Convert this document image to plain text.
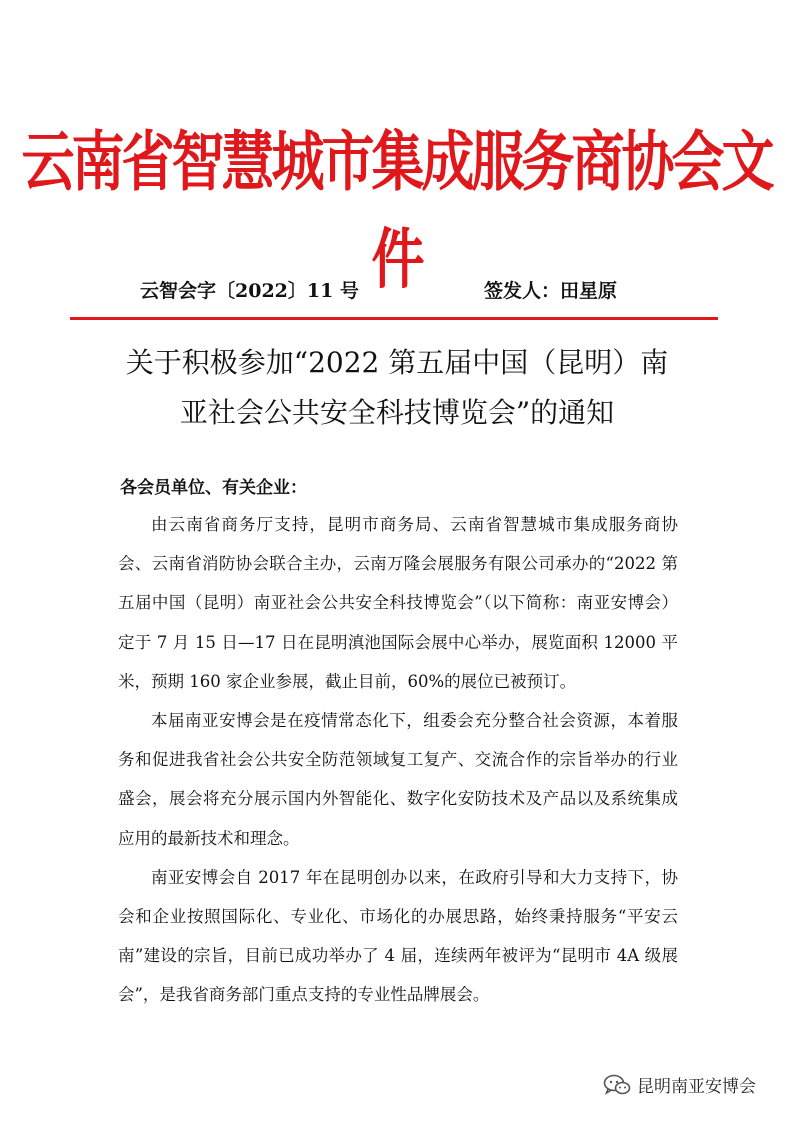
云南省智慧城市集成服务商协会文件
云智会字〔2022〕11 号	签发人：田星原
关于积极参加“2022 第五届中国（昆明）南
亚社会公共安全科技博览会”的通知
各会员单位、有关企业：

由云南省商务厅支持，昆明市商务局、云南省智慧城市集成服务商协会、云南省消防协会联合主办，云南万隆会展服务有限公司承办的“2022 第五届中国（昆明）南亚社会公共安全科技博览会”（以下简称：南亚安博会）定于 7 月 15 日—17 日在昆明滇池国际会展中心举办，展览面积 12000 平米，预期 160 家企业参展，截止目前，60%的展位已被预订。

本届南亚安博会是在疫情常态化下，组委会充分整合社会资源，本着服务和促进我省社会公共安全防范领域复工复产、交流合作的宗旨举办的行业盛会，展会将充分展示国内外智能化、数字化安防技术及产品以及系统集成应用的最新技术和理念。

南亚安博会自 2017 年在昆明创办以来，在政府引导和大力支持下，协会和企业按照国际化、专业化、市场化的办展思路，始终秉持服务“平安云南”建设的宗旨，目前已成功举办了 4 届，连续两年被评为“昆明市 4A 级展会”，是我省商务部门重点支持的专业性品牌展会。

昆明南亚安博会
